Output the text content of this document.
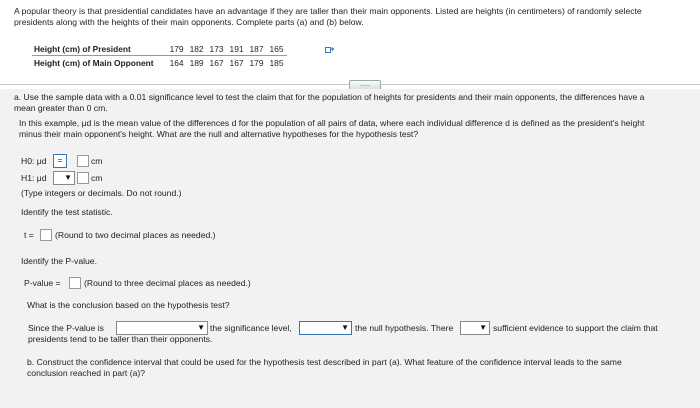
A popular theory is that presidential candidates have an advantage if they are taller than their main opponents. Listed are heights (in centimeters) of randomly selecte
presidents along with the heights of their main opponents. Complete parts (a) and (b) below.
Height (cm) of President	179	182	173	191	187	165
Height (cm) of Main Opponent	164	189	167	167	179	185
.....
a. Use the sample data with a 0.01 significance level to test the claim that for the population of heights for presidents and their main opponents, the differences have a
mean greater than 0 cm.
In this example, μd is the mean value of the differences d for the population of all pairs of data, where each individual difference d is defined as the president's height
minus their main opponent's height. What are the null and alternative hypotheses for the hypothesis test?
H0: μd	=	cm
H1: μd ▼ cm
(Type integers or decimals. Do not round.)
Identify the test statistic.
t = (Round to two decimal places as needed.)
Identify the P-value.
P-value =	(Round to three decimal places as needed.)
What is the conclusion based on the hypothesis test?
Since the P-value is	▼ the significance level,	▼ the null hypothesis. There	▼ sufficient evidence to support the claim that
presidents tend to be taller than their opponents.
b. Construct the confidence interval that could be used for the hypothesis test described in part (a). What feature of the confidence interval leads to the same
conclusion reached in part (a)?
